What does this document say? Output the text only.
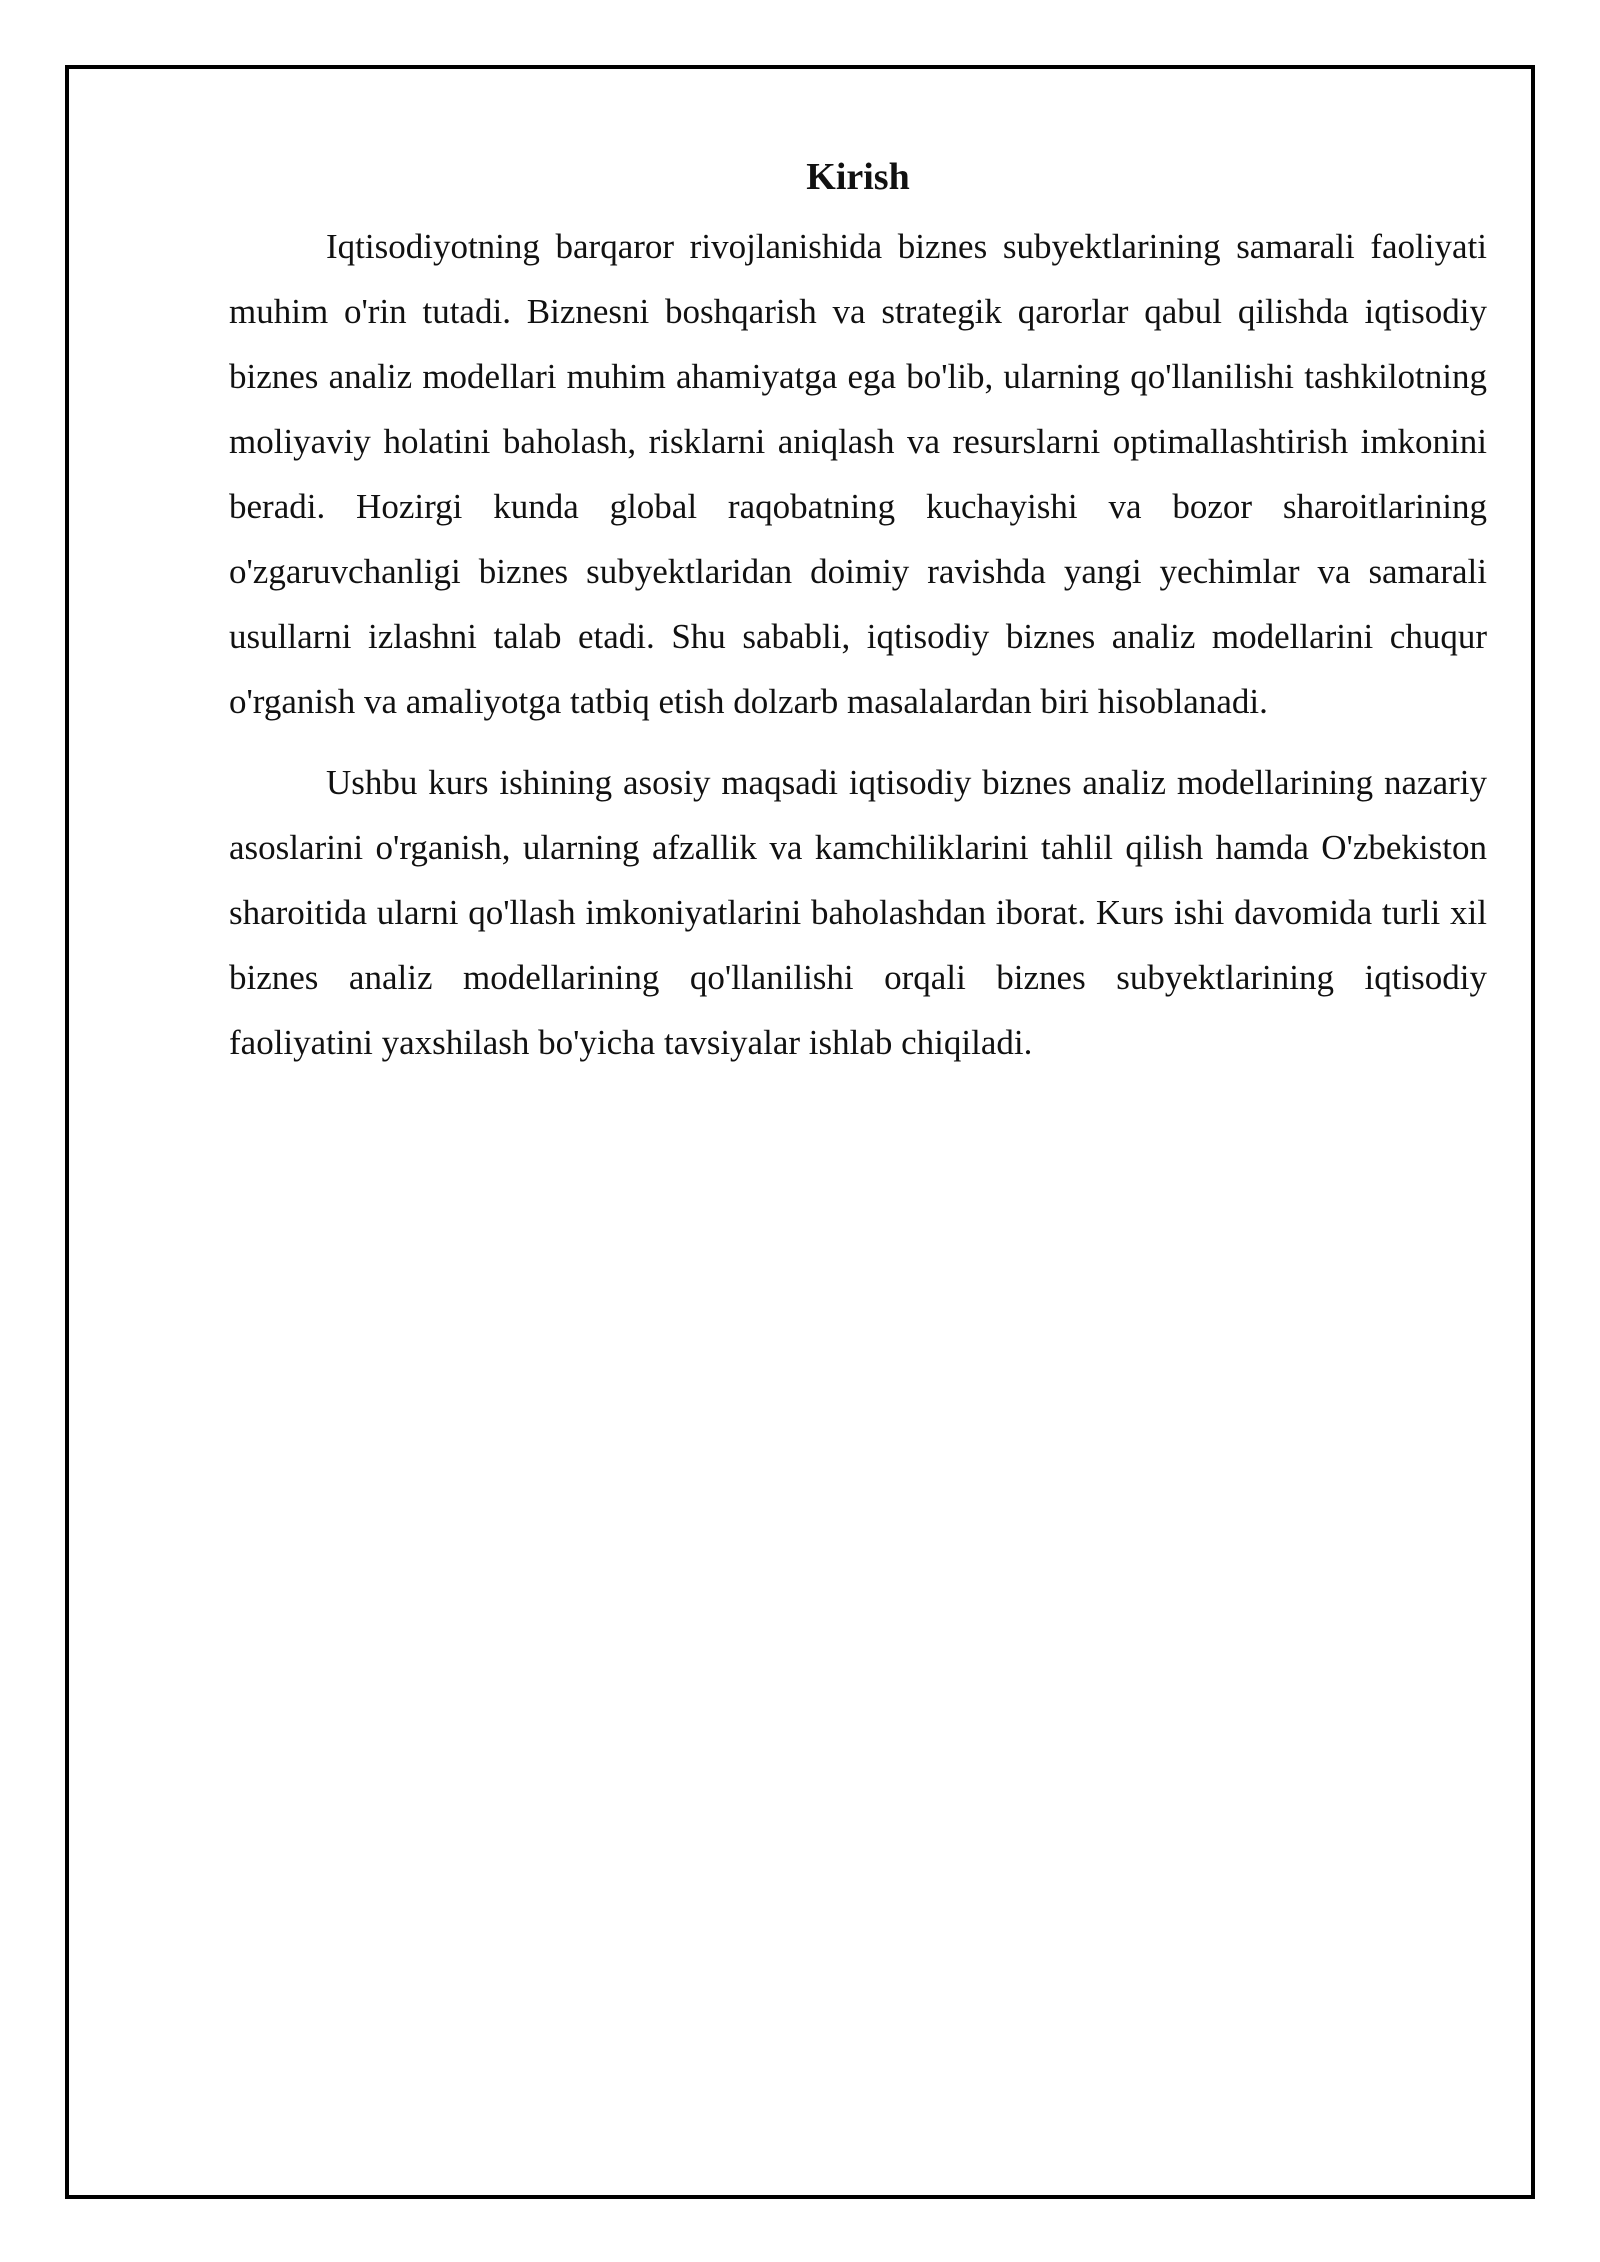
Kirish

Iqtisodiyotning barqaror rivojlanishida biznes subyektlarining samarali faoliyati muhim o'rin tutadi. Biznesni boshqarish va strategik qarorlar qabul qilishda iqtisodiy biznes analiz modellari muhim ahamiyatga ega bo'lib, ularning qo'llanilishi tashkilotning moliyaviy holatini baholash, risklarni aniqlash va resurslarni optimallashtirish imkonini beradi. Hozirgi kunda global raqobatning kuchayishi va bozor sharoitlarining o'zgaruvchanligi biznes subyektlaridan doimiy ravishda yangi yechimlar va samarali usullarni izlashni talab etadi. Shu sababli, iqtisodiy biznes analiz modellarini chuqur o'rganish va amaliyotga tatbiq etish dolzarb masalalardan biri hisoblanadi.

Ushbu kurs ishining asosiy maqsadi iqtisodiy biznes analiz modellarining nazariy asoslarini o'rganish, ularning afzallik va kamchiliklarini tahlil qilish hamda O'zbekiston sharoitida ularni qo'llash imkoniyatlarini baholashdan iborat. Kurs ishi davomida turli xil biznes analiz modellarining qo'llanilishi orqali biznes subyektlarining iqtisodiy faoliyatini yaxshilash bo'yicha tavsiyalar ishlab chiqiladi.
